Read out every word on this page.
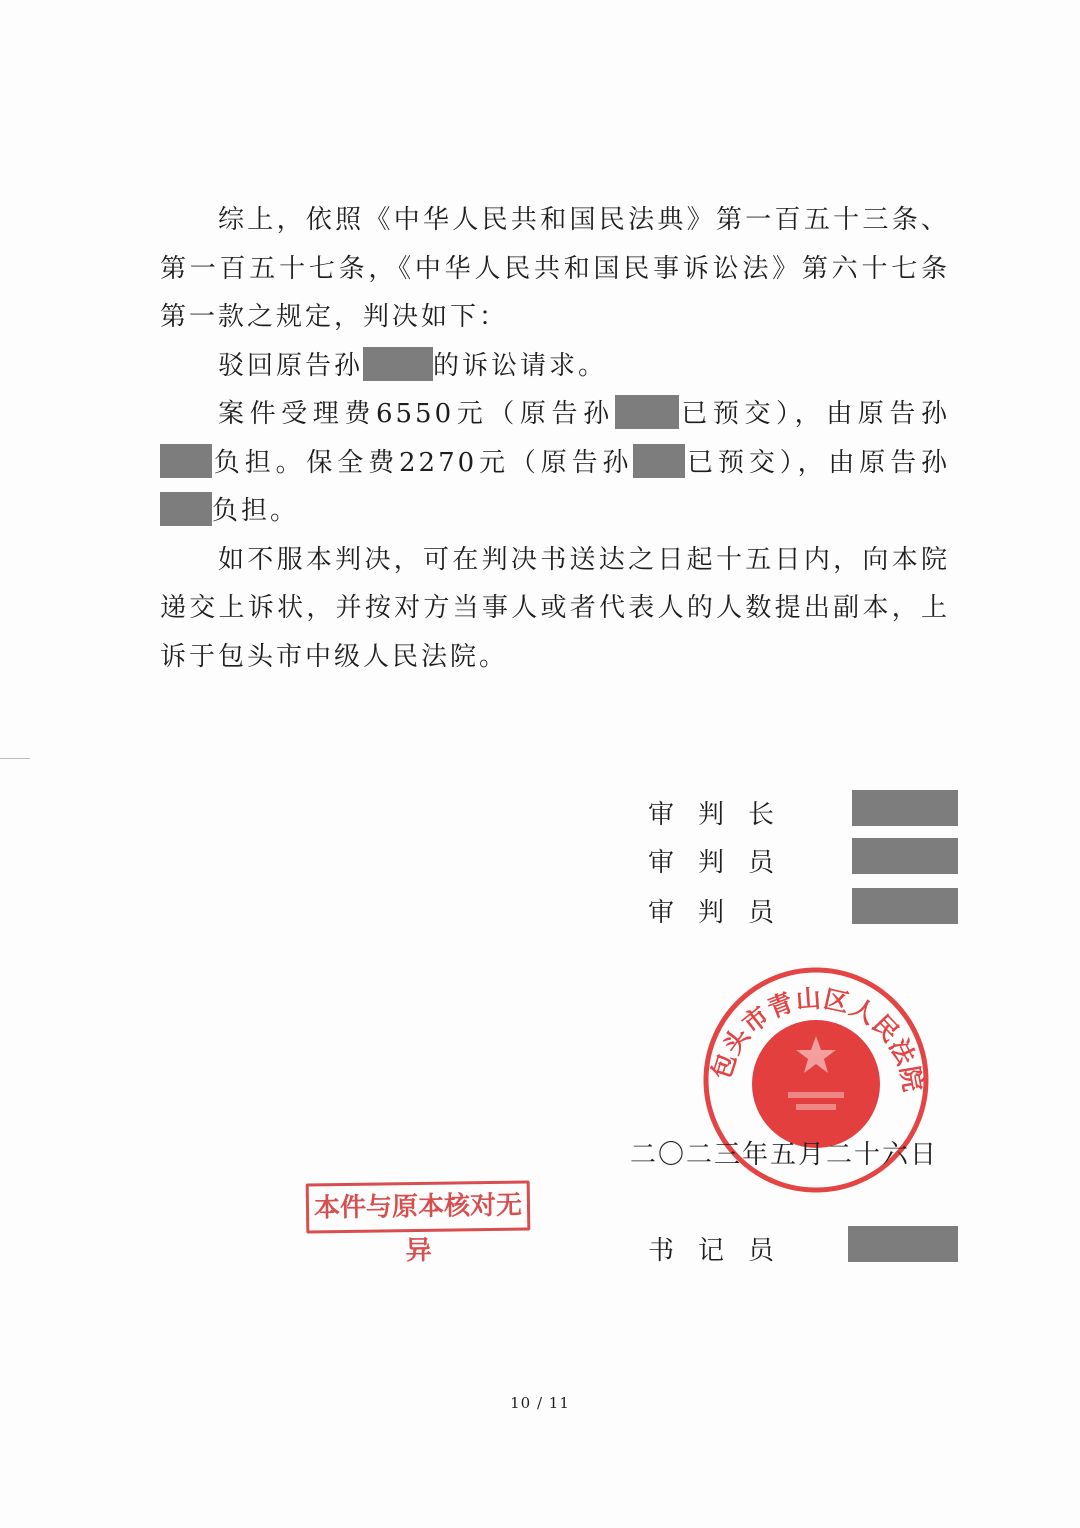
综上，依照《中华人民共和国民法典》第一百五十三条、第一百五十七条，《中华人民共和国民事诉讼法》第六十七条第一款之规定，判决如下：

驳回原告孙	的诉讼请求。

案件受理费6550元（原告孙 已预交），由原告孙负担。保全费2270元（原告孙 已预交），由原告孙负担。

如不服本判决，可在判决书送达之日起十五日内，向本院递交上诉状，并按对方当事人或者代表人的人数提出副本，上诉于包头市中级人民法院。

审判长
审判员
审判员
包头市青山区人民法院
二〇二三年五月二十六日
本件与原本核对无异	书记员
10 / 11
